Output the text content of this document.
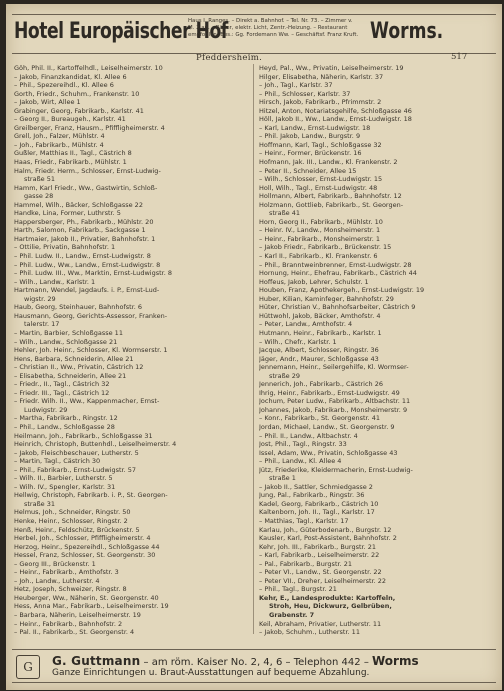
Hotel Europäischer Hof
Haus I. Ranges. – Direkt a. Bahnhof. – Tel. Nr. 73. – Zimmer v.
M. 2 an. – Bäder, elektr. Licht, Zentr.-Heizung. – Restaurant
empfohlen. Bes.: Gg. Fordemann Ww. – Geschäftsf. Franz Kruft. Worms.
Pfeddersheim.	517
Göh, Phil. II., Kartoffelhdl., Leiselheimerstr. 10
– Jakob, Finanzkandidat, Kl. Allee 6
– Phil., Spezereihdl., Kl. Allee 6
Gorth, Friedr., Schuhm., Frankenstr. 10
– Jakob, Wirt, Allee 1
Grabinger, Georg, Fabrikarb., Karlstr. 41
– Georg II., Bureaugeh., Karlstr. 41
Greilberger, Franz, Hausm., Pfiffligheimerstr. 4
Grell, Joh., Falzer, Mühlstr. 4
– Joh., Fabrikarb., Mühlstr. 4
Gußler, Matthias II., Tagl., Cästrich 8
Haas, Friedr., Fabrikarb., Mühlstr. 1
Halm, Friedr. Herm., Schlosser, Ernst-Ludwig-
straße 51
Hamm, Karl Friedr., Ww., Gastwirtin, Schloß-
gasse 28
Hammel, Wilh., Bäcker, Schloßgasse 22
Handke, Lina, Former, Luthrstr. 5
Happersberger, Ph., Fabrikarb., Mühlstr. 20
Harth, Salomon, Fabrikarb., Sackgasse 1
Hartmaier, Jakob II., Privatier, Bahnhofstr. 1
– Ottilie, Privatin, Bahnhofstr. 1
– Phil. Ludw. II., Landw., Ernst-Ludwigstr. 8
– Phil. Ludw., Ww., Landw., Ernst-Ludwigstr. 8
– Phil. Ludw. III., Ww., Marktin, Ernst-Ludwigstr. 8
– Wilh., Landw., Karlstr. 1
Hartmann, Wendel, Jagdaufs. i. P., Ernst-Lud-
wigstr. 29
Haub, Georg, Steinhauer, Bahnhofstr. 6
Hausmann, Georg, Gerichts-Assessor, Franken-
talerstr. 17
– Martin, Barbier, Schloßgasse 11
– Wilh., Landw., Schloßgasse 21
Hehler, Joh. Heinr., Schlosser, Kl. Wormserstr. 1
Hens, Barbara, Schneiderin, Allee 21
– Christian II., Ww., Privatin, Cästrich 12
– Elisabetha, Schneiderin, Allee 21
– Friedr., II., Tagl., Cästrich 32
– Friedr. III., Tagl., Cästrich 12
– Friedr. Wilh. II., Ww., Kappenmacher, Ernst-
Ludwigstr. 29
– Martha, Fabrikarb., Ringstr. 12
– Phil., Landw., Schloßgasse 28
Heilmann, Joh., Fabrikarb., Schloßgasse 31
Heinrich, Christoph, Buttenhdl., Leiselheimerstr. 4
– Jakob, Fleischbeschauer, Lutherstr. 5
– Martin, Tagl., Cästrich 30
– Phil., Fabrikarb., Ernst-Ludwigstr. 57
– Wilh. II., Barbier, Lutherstr. 5
– Wilh. IV., Spengler, Karlstr. 31
Hellwig, Christoph, Fabrikarb. i. P., St. Georgen-
straße 31
Helmus, Joh., Schneider, Ringstr. 50
Henke, Heinr., Schlosser, Ringstr. 2
Henß, Heinr., Feldschütz, Brückenstr. 5
Herbel, Joh., Schlosser, Pfiffligheimerstr. 4
Herzog, Heinr., Spezereihdl., Schloßgasse 44
Hessel, Franz, Schlosser, St. Georgenstr. 30
– Georg III., Brückenstr. 1
– Heinr., Fabrikarb., Amthofstr. 3
– Joh., Landw., Lutherstr. 4
Hetz, Joseph, Schweizer, Ringstr. 8
Heuberger, Ww., Näherin, St. Georgenstr. 40
Hess, Anna Mar., Fabrikarb., Leiselheimerstr. 19
– Barbara, Näherin, Leiselheimerstr. 19
– Heinr., Fabrikarb., Bahnhofstr. 2
– Pal. II., Fabrikarb., St. Georgenstr. 4
Heyd, Pal., Ww., Privatin, Leiselheimerstr. 19
Hilger, Elisabetha, Näherin, Karlstr. 37
– Joh., Tagl., Karlstr. 37
– Phil., Schlosser, Karlstr. 37
Hirsch, Jakob, Fabrikarb., Pfrimmstr. 2
Hitzel, Anton, Notariatsgehilfe, Schloßgasse 46
Höll, Jakob II., Ww., Landw., Ernst-Ludwigstr. 18
– Karl, Landw., Ernst-Ludwigstr. 18
– Phil. Jakob, Landw., Burgstr. 9
Hoffmann, Karl, Tagl., Schloßgasse 32
– Heinr., Former, Brückenstr. 16
Hofmann, Jak. III., Landw., Kl. Frankenstr. 2
– Peter II., Schneider, Allee 15
– Wilh., Schlosser, Ernst-Ludwigstr. 15
Holl, Wilh., Tagl., Ernst-Ludwigstr. 48
Hollmann, Albert, Fabrikarb., Bahnhofstr. 12
Holzmann, Gottlieb, Fabrikarb., St. Georgen-
straße 41
Horn, Georg II., Fabrikarb., Mühlstr. 10
– Heinr. IV., Landw., Monsheimerstr. 1
– Heinr., Fabrikarb., Monsheimerstr. 1
– Jakob Friedr., Fabrikarb., Brückenstr. 15
– Karl II., Fabrikarb., Kl. Frankenstr. 6
– Phil., Branntweinbrenner, Ernst-Ludwigstr. 28
Hornung, Heinr., Ehefrau, Fabrikarb., Cästrich 44
Hoffeus, Jakob, Lehrer, Schulstr. 1
Houben, Franz, Apothekergeh., Ernst-Ludwigstr. 19
Huber, Kilian, Kaminfeger, Bahnhofstr. 29
Hüter, Christian V., Bahnhofsarbeiter, Cästrich 9
Hüttwohl, Jakob, Bäcker, Amthofstr. 4
– Peter, Landw., Amthofstr. 4
Hutmann, Heinr., Fabrikarb., Karlstr. 1
– Wilh., Chefr., Karlstr. 1
Jacque, Albert, Schlosser, Ringstr. 36
Jäger, Andr., Maurer, Schloßgasse 43
Jennemann, Heinr., Seilergehilfe, Kl. Wormser-
straße 29
Jennerich, Joh., Fabrikarb., Cästrich 26
Ihrig, Heinr., Fabrikarb., Ernst-Ludwigstr. 49
Jochum, Peter Ludw., Fabrikarb., Altbachstr. 11
Johannes, Jakob, Fabrikarb., Monsheimerstr. 9
– Konr., Fabrikarb., St. Georgenstr. 41
Jordan, Michael, Landw., St. Georgenstr. 9
– Phil. II., Landw., Altbachstr. 4
Jost, Phil., Tagl., Ringstr. 33
Issel, Adam, Ww., Privatin, Schloßgasse 43
– Phil., Landw., Kl. Allee 4
Jütz, Friederike, Kleidermacherin, Ernst-Ludwig-
straße 1
– Jakob II., Sattler, Schmiedgasse 2
Jung, Pal., Fabrikarb., Ringstr. 36
Kadel, Georg, Fabrikarb., Cästrich 10
Kaltenborn, Joh. II., Tagl., Karlstr. 17
– Matthias, Tagl., Karlstr. 17
Karlau, Joh., Güterbodenarb., Burgstr. 12
Kausler, Karl, Post-Assistent, Bahnhofstr. 2
Kehr, Joh. III., Fabrikarb., Burgstr. 21
– Karl, Fabrikarb., Leiselheimerstr. 22
– Pal., Fabrikarb., Burgstr. 21
– Peter VI., Landw., St. Georgenstr. 22
– Peter VII., Dreher, Leiselheimerstr. 22
– Phil., Tagl., Burgstr. 21
Kehr, E., Landesprodukte: Kartoffeln,
Stroh, Heu, Dickwurz, Gelbrüben,
Grabenstr. 7
Keil, Abraham, Privatier, Lutherstr. 11
– Jakob, Schuhm., Lutherstr. 11
G	G. Guttmann – am röm. Kaiser No. 2, 4, 6 – Telephon 442 – Worms
Ganze Einrichtungen u. Braut-Ausstattungen auf bequeme Abzahlung.
